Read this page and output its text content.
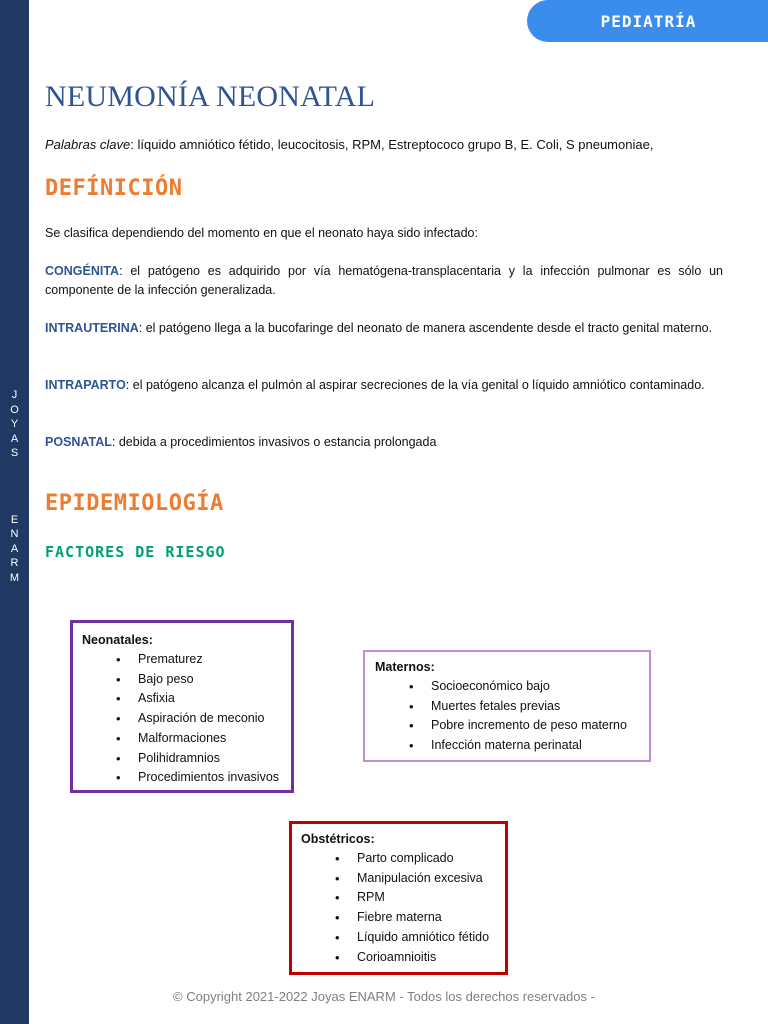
J
O
Y
A
S
E
N
A
R
M
PEDIATRÍA
NEUMONÍA NEONATAL
Palabras clave: líquido amniótico fétido, leucocitosis, RPM, Estreptococo grupo B, E. Coli, S pneumoniae,
DEFÍNICIÓN

Se clasifica dependiendo del momento en que el neonato haya sido infectado:

CONGÉNITA: el patógeno es adquirido por vía hematógena-transplacentaria y la infección pulmonar es sólo un componente de la infección generalizada.

INTRAUTERINA: el patógeno llega a la bucofaringe del neonato de manera ascendente desde el tracto genital materno.

INTRAPARTO: el patógeno alcanza el pulmón al aspirar secreciones de la vía genital o líquido amniótico contaminado.

POSNATAL: debida a procedimientos invasivos o estancia prolongada

EPIDEMIOLOGÍA
FACTORES DE RIESGO
Neonatales:
• Prematurez
• Bajo peso
• Asfixia
• Aspiración de meconio
• Malformaciones
• Polihidramnios
• Procedimientos invasivos
Maternos:
• Socioeconómico bajo
• Muertes fetales previas
• Pobre incremento de peso materno
• Infección materna perinatal
Obstétricos:
• Parto complicado
• Manipulación excesiva
• RPM
• Fiebre materna
• Líquido amniótico fétido
• Corioamnioitis
© Copyright 2021-2022 Joyas ENARM - Todos los derechos reservados -
